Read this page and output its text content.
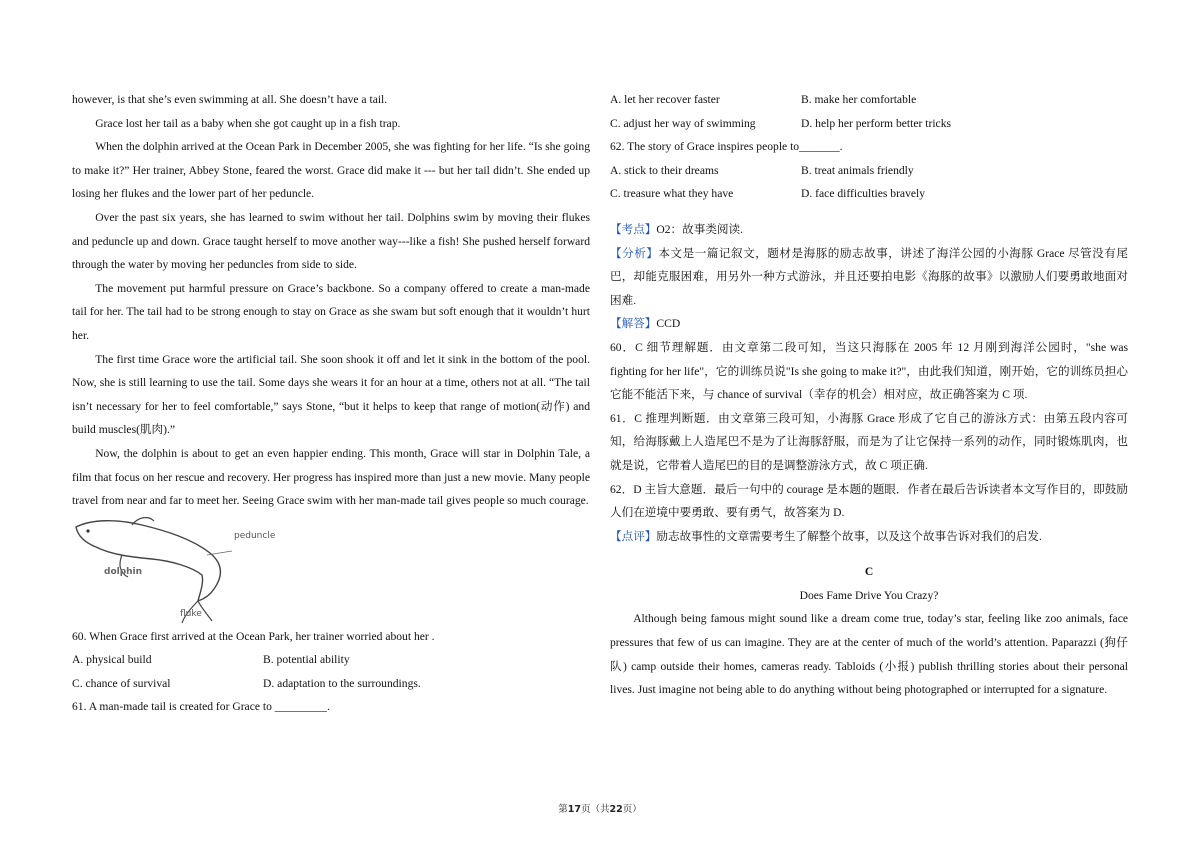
however, is that she’s even swimming at all. She doesn’t have a tail.

Grace lost her tail as a baby when she got caught up in a fish trap.

When the dolphin arrived at the Ocean Park in December 2005, she was fighting for her life. “Is she going to make it?” Her trainer, Abbey Stone, feared the worst. Grace did make it --- but her tail didn’t. She ended up losing her flukes and the lower part of her peduncle.

Over the past six years, she has learned to swim without her tail. Dolphins swim by moving their flukes and peduncle up and down. Grace taught herself to move another way---like a fish! She pushed herself forward through the water by moving her peduncles from side to side.

The movement put harmful pressure on Grace’s backbone. So a company offered to create a man-made tail for her. The tail had to be strong enough to stay on Grace as she swam but soft enough that it wouldn’t hurt her.

The first time Grace wore the artificial tail. She soon shook it off and let it sink in the bottom of the pool. Now, she is still learning to use the tail. Some days she wears it for an hour at a time, others not at all. “The tail isn’t necessary for her to feel comfortable,” says Stone, “but it helps to keep that range of motion(动作) and build muscles(肌肉).”

Now, the dolphin is about to get an even happier ending. This month, Grace will star in Dolphin Tale, a film that focus on her rescue and recovery. Her progress has inspired more than just a new movie. Many people travel from near and far to meet her. Seeing Grace swim with her man-made tail gives people so much courage.

peduncle
dolphin
fluke

60. When Grace first arrived at the Ocean Park, her trainer worried about her .

A. physical build	B. potential ability
C. chance of survival	D. adaptation to the surroundings.

61. A man-made tail is created for Grace to _________.

A. let her recover faster	B. make her comfortable
C. adjust her way of swimming	D. help her perform better tricks

62. The story of Grace inspires people to_______.

A. stick to their dreams	B. treat animals friendly
C. treasure what they have	D. face difficulties bravely

【考点】O2：故事类阅读.

【分析】本文是一篇记叙文，题材是海豚的励志故事，讲述了海洋公园的小海豚 Grace 尽管没有尾巴，却能克服困难，用另外一种方式游泳，并且还要拍电影《海豚的故事》以激励人们要勇敢地面对困难.

【解答】CCD

60．C 细节理解题．由文章第二段可知，当这只海豚在 2005 年 12 月刚到海洋公园时，"she was fighting for her life"，它的训练员说"Is she going to make it?"，由此我们知道，刚开始，它的训练员担心它能不能活下来，与 chance of survival（幸存的机会）相对应，故正确答案为 C 项.

61．C 推理判断题．由文章第三段可知，小海豚 Grace 形成了它自己的游泳方式：由第五段内容可知，给海豚戴上人造尾巴不是为了让海豚舒服，而是为了让它保持一系列的动作，同时锻炼肌肉，也就是说，它带着人造尾巴的目的是调整游泳方式，故 C 项正确.

62．D 主旨大意题．最后一句中的 courage 是本题的题眼．作者在最后告诉读者本文写作目的，即鼓励人们在逆境中要勇敢、要有勇气，故答案为 D.

【点评】励志故事性的文章需要考生了解整个故事，以及这个故事告诉对我们的启发.

C

Does Fame Drive You Crazy?

Although being famous might sound like a dream come true, today’s star, feeling like zoo animals, face pressures that few of us can imagine. They are at the center of much of the world’s attention. Paparazzi (狗仔队) camp outside their homes, cameras ready. Tabloids (小报) publish thrilling stories about their personal lives. Just imagine not being able to do anything without being photographed or interrupted for a signature.

第17页（共22页）
